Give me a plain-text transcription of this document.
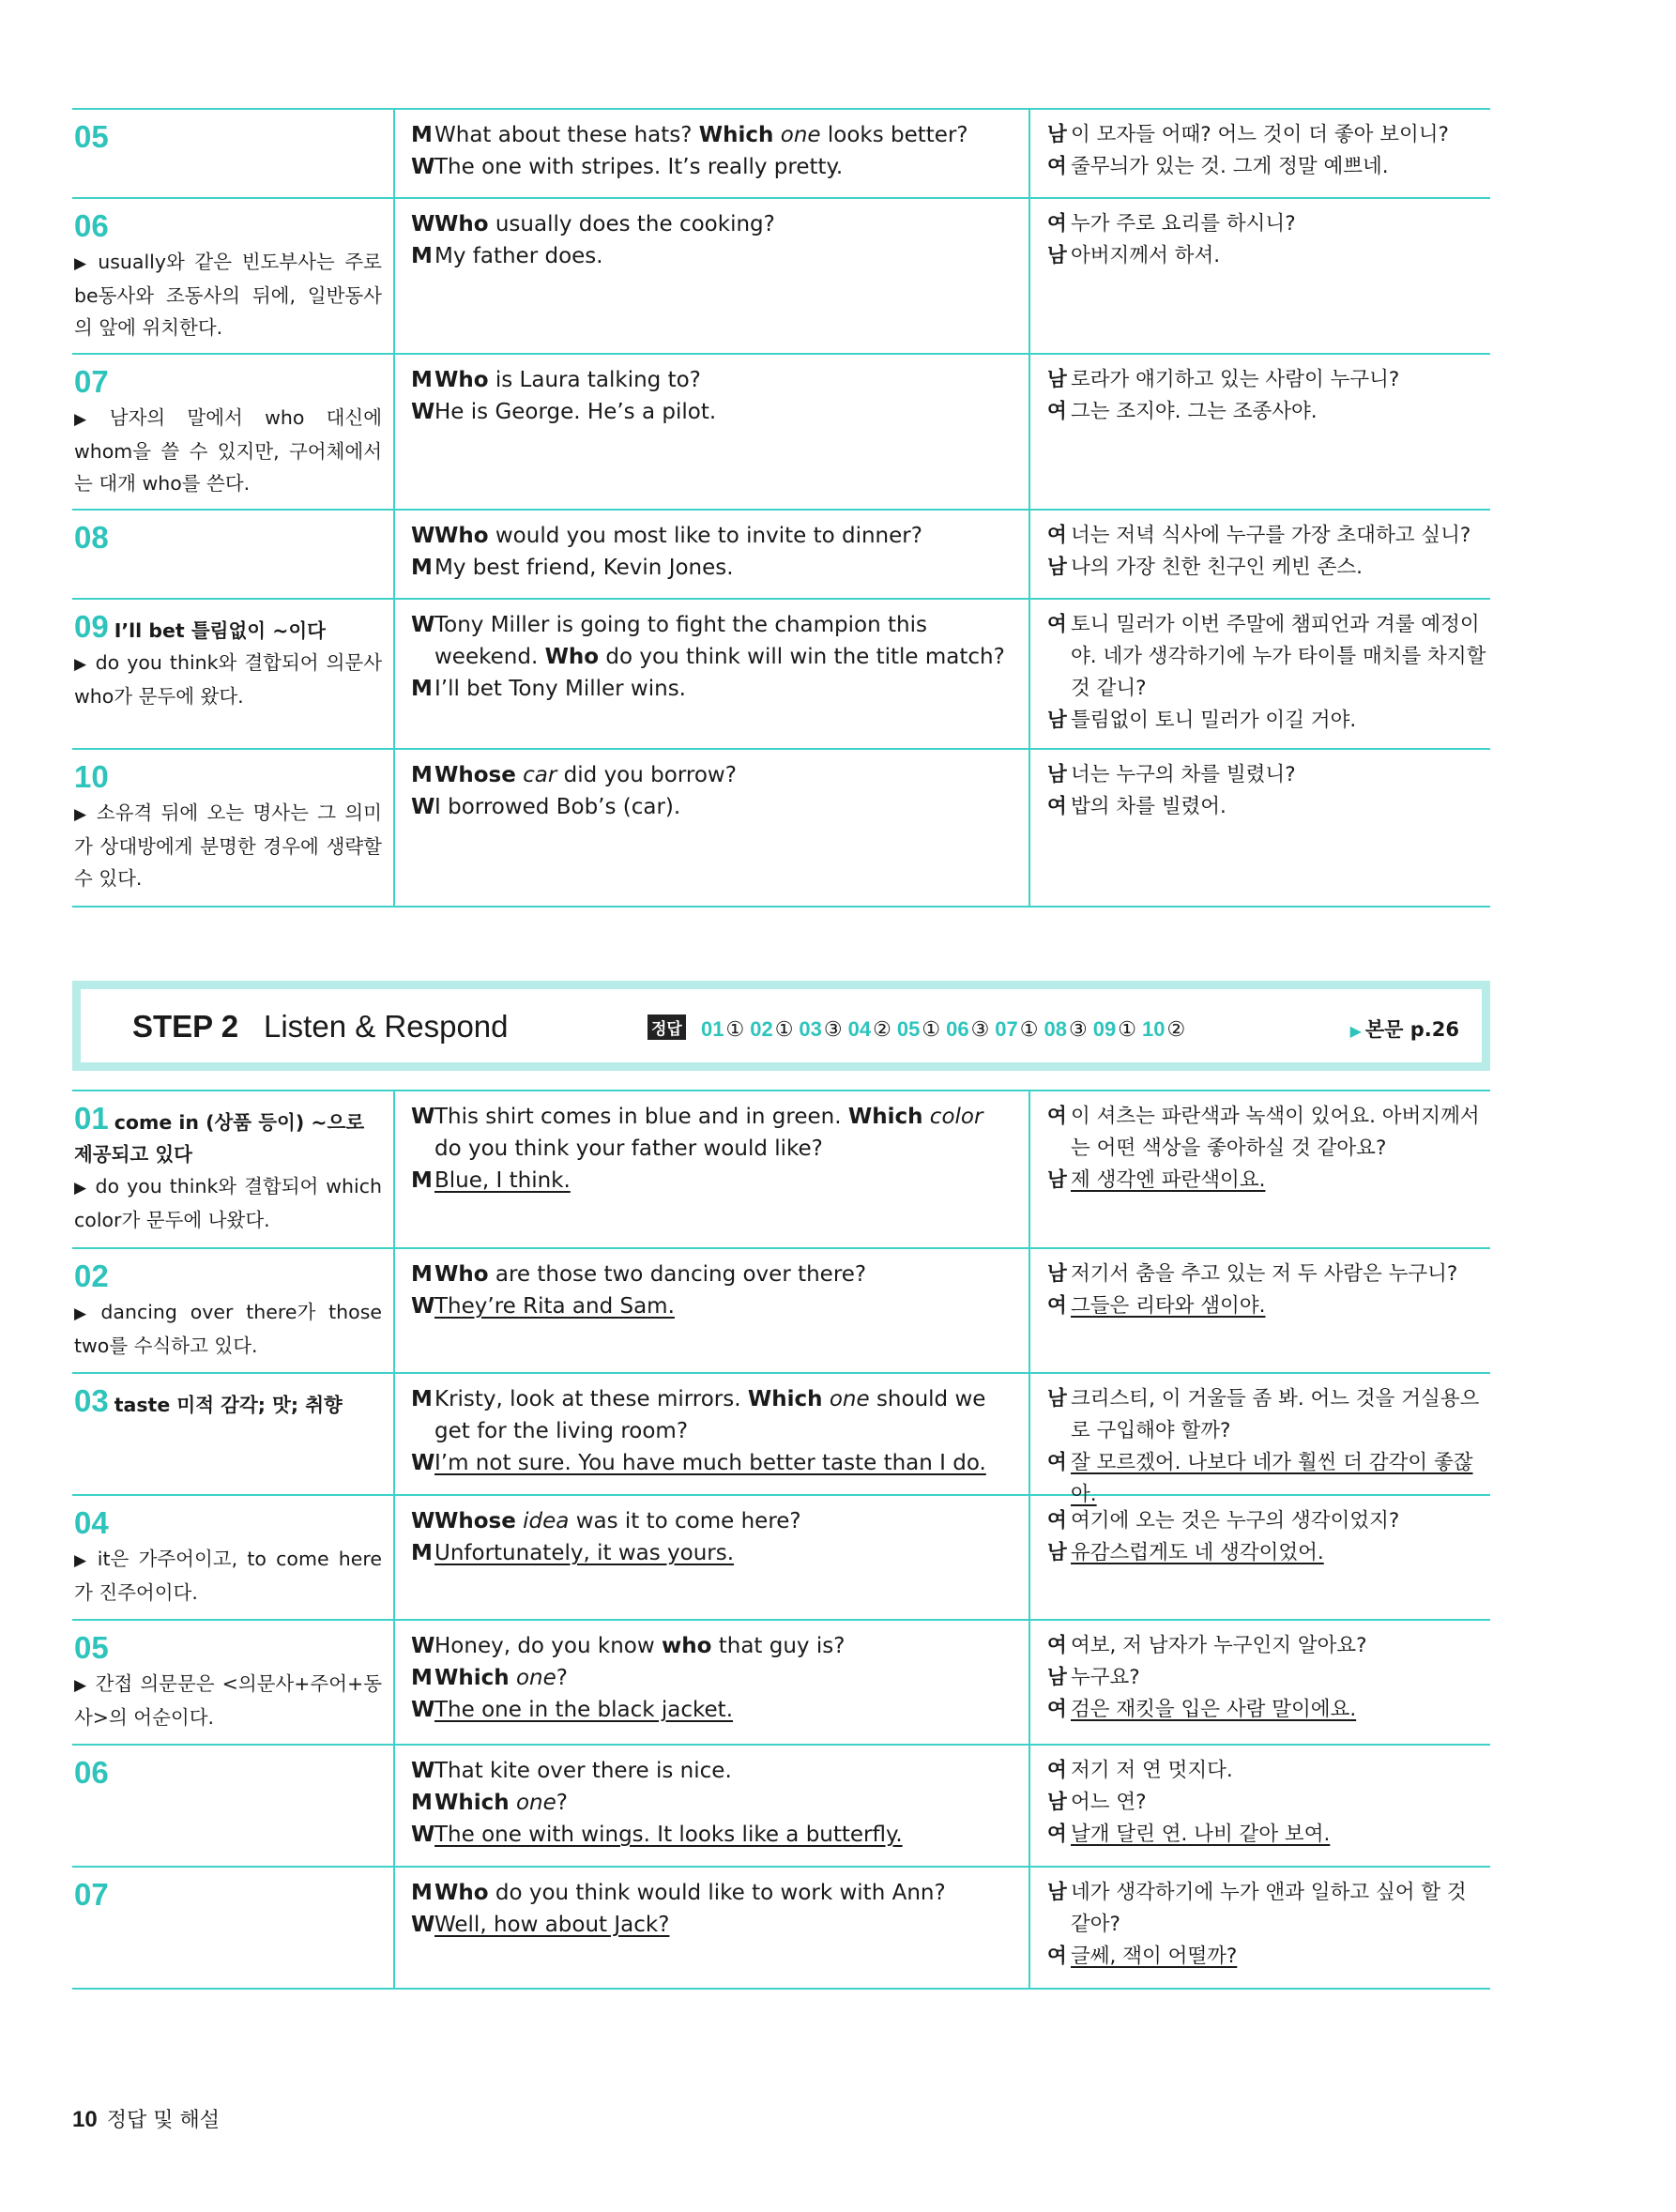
05	M What about these hats? Which one looks better?
W The one with stripes. It’s really pretty.
남 이 모자들 어때? 어느 것이 더 좋아 보이니?
여 줄무늬가 있는 것. 그게 정말 예쁘네.
06
▶ usually와 같은 빈도부사는 주로 be동사와 조동사의 뒤에, 일반동사의 앞에 위치한다.
W Who usually does the cooking?
M My father does.
여 누가 주로 요리를 하시니?
남 아버지께서 하셔.
07
▶ 남자의 말에서 who 대신에 whom을 쓸 수 있지만, 구어체에서는 대개 who를 쓴다.
M Who is Laura talking to?
W He is George. He’s a pilot.
남 로라가 얘기하고 있는 사람이 누구니?
여 그는 조지야. 그는 조종사야.
08	W Who would you most like to invite to dinner?
M My best friend, Kevin Jones.
여 너는 저녁 식사에 누구를 가장 초대하고 싶니?
남 나의 가장 친한 친구인 케빈 존스.
09 I’ll bet 틀림없이 ~이다
▶ do you think와 결합되어 의문사 who가 문두에 왔다.
W Tony Miller is going to fight the champion this weekend. Who do you think will win the title match?
M I’ll bet Tony Miller wins.
여 토니 밀러가 이번 주말에 챔피언과 겨룰 예정이야. 네가 생각하기에 누가 타이틀 매치를 차지할 것 같니?
남 틀림없이 토니 밀러가 이길 거야.
10
▶ 소유격 뒤에 오는 명사는 그 의미가 상대방에게 분명한 경우에 생략할 수 있다.
M Whose car did you borrow?
W I borrowed Bob’s (car).
남 너는 누구의 차를 빌렸니?
여 밥의 차를 빌렸어.
STEP 2 Listen & Respond	정답 01① 02① 03③ 04② 05① 06③ 07① 08③ 09① 10②	▶ 본문 p.26
01 come in (상품 등이) ~으로 제공되고 있다
▶ do you think와 결합되어 which color가 문두에 나왔다.
W This shirt comes in blue and in green. Which color do you think your father would like?
M Blue, I think.
여 이 셔츠는 파란색과 녹색이 있어요. 아버지께서는 어떤 색상을 좋아하실 것 같아요?
남 제 생각엔 파란색이요.
02
▶ dancing over there가 those two를 수식하고 있다.
M Who are those two dancing over there?
W They’re Rita and Sam.
남 저기서 춤을 추고 있는 저 두 사람은 누구니?
여 그들은 리타와 샘이야.
03 taste 미적 감각; 맛; 취향	M Kristy, look at these mirrors. Which one should we get for the living room?
W I’m not sure. You have much better taste than I do.
남 크리스티, 이 거울들 좀 봐. 어느 것을 거실용으로 구입해야 할까?
여 잘 모르겠어. 나보다 네가 훨씬 더 감각이 좋잖아.
04
▶ it은 가주어이고, to come here가 진주어이다.
W Whose idea was it to come here?
M Unfortunately, it was yours.
여 여기에 오는 것은 누구의 생각이었지?
남 유감스럽게도 네 생각이었어.
05
▶ 간접 의문문은 <의문사+주어+동사>의 어순이다.
W Honey, do you know who that guy is?
M Which one?
W The one in the black jacket.
여 여보, 저 남자가 누구인지 알아요?
남 누구요?
여 검은 재킷을 입은 사람 말이에요.
06	W That kite over there is nice.
M Which one?
W The one with wings. It looks like a butterfly.
여 저기 저 연 멋지다.
남 어느 연?
여 날개 달린 연. 나비 같아 보여.
07	M Who do you think would like to work with Ann?
W Well, how about Jack?
남 네가 생각하기에 누가 앤과 일하고 싶어 할 것 같아?
여 글쎄, 잭이 어떨까?
10 정답 및 해설
